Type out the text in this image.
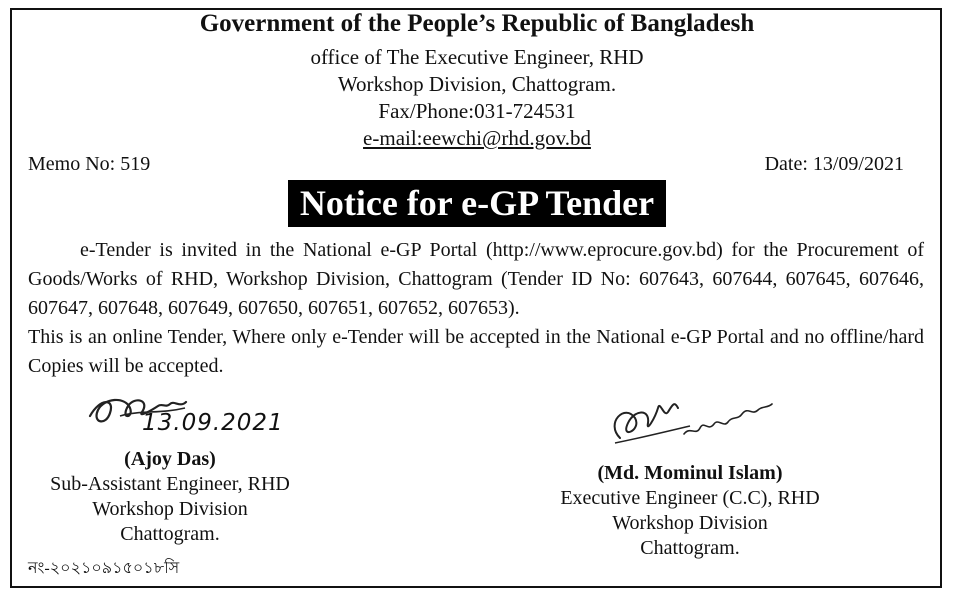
Government of the People’s Republic of Bangladesh
office of The Executive Engineer, RHD
Workshop Division, Chattogram.
Fax/Phone:031-724531
e-mail:eewchi@rhd.gov.bd
Memo No: 519	Date: 13/09/2021
Notice for e-GP Tender

e-Tender is invited in the National e-GP Portal (http://www.eprocure.gov.bd) for the Procurement of Goods/Works of RHD, Workshop Division, Chattogram (Tender ID No: 607643, 607644, 607645, 607646, 607647, 607648, 607649, 607650, 607651, 607652, 607653).

This is an online Tender, Where only e-Tender will be accepted in the National e-GP Portal and no offline/hard Copies will be accepted.

13.09.2021
(Ajoy Das)
Sub-Assistant Engineer, RHD
Workshop Division
Chattogram.
(Md. Mominul Islam)
Executive Engineer (C.C), RHD
Workshop Division
Chattogram.
নং-২০২১০৯১৫০১৮সি
